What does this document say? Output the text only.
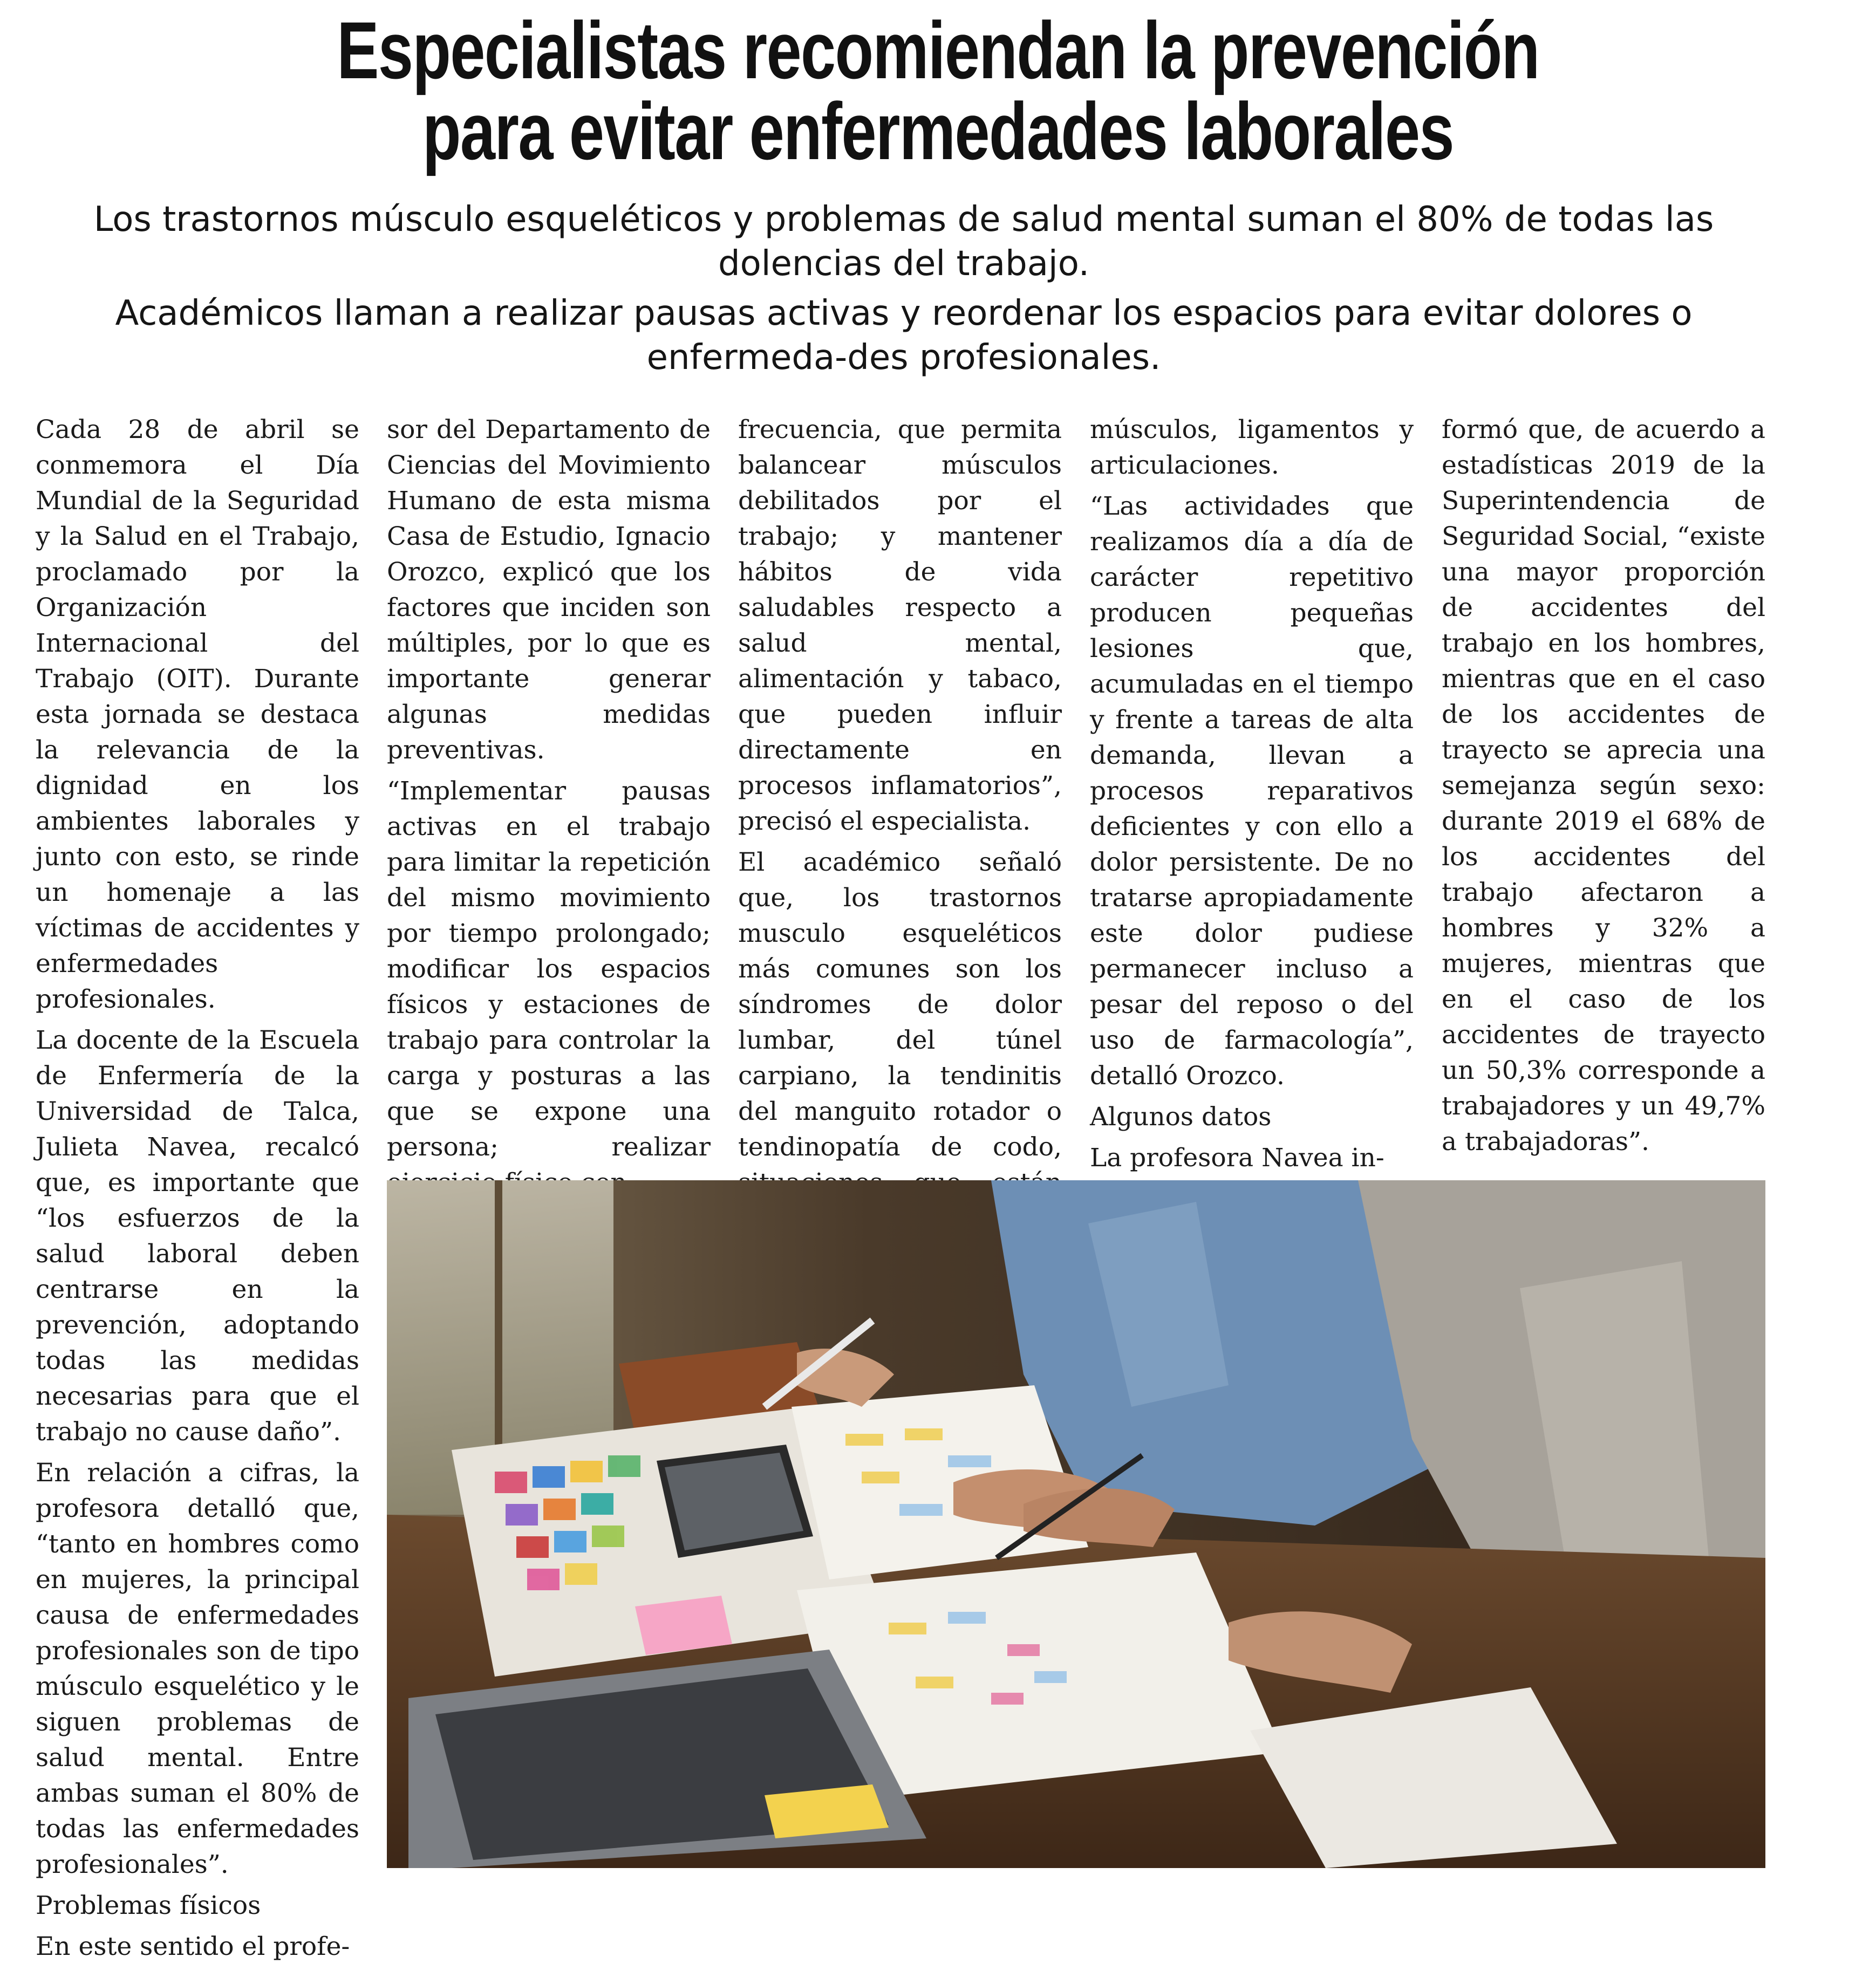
Especialistas recomiendan la prevención
para evitar enfermedades laborales

Los trastornos músculo esqueléticos y problemas de salud mental suman el 80% de todas las dolencias del trabajo.

Académicos llaman a realizar pausas activas y reordenar los espacios para evitar dolores o enfermeda-des profesionales.

Cada 28 de abril se conmemora el Día Mundial de la Seguridad y la Salud en el Trabajo, proclamado por la Organización Internacional del Trabajo (OIT). Durante esta jornada se destaca la relevancia de la dignidad en los ambientes laborales y junto con esto, se rinde un homenaje a las víctimas de accidentes y enfermedades profesionales.

La docente de la Escuela de Enfermería de la Universidad de Talca, Julieta Navea, recalcó que, es importante que “los esfuerzos de la salud laboral deben centrarse en la prevención, adoptando todas las medidas necesarias para que el trabajo no cause daño”.

En relación a cifras, la profesora detalló que, “tanto en hombres como en mujeres, la principal causa de enfermedades profesionales son de tipo músculo esquelético y le siguen problemas de salud mental. Entre ambas suman el 80% de todas las enfermedades profesionales”.

Problemas físicos

En este sentido el profe-

sor del Departamento de Ciencias del Movimiento Humano de esta misma Casa de Estudio, Ignacio Orozco, explicó que los factores que inciden son múltiples, por lo que es importante generar algunas medidas preventivas.

“Implementar pausas activas en el trabajo para limitar la repetición del mismo movimiento por tiempo prolongado; modificar los espacios físicos y estaciones de trabajo para controlar la carga y posturas a las que se expone una persona; realizar

frecuencia, que permita balancear músculos debilitados por el trabajo; y mantener hábitos de vida saludables respecto a salud mental, alimentación y tabaco, que pueden influir directamente en procesos inflamatorios”, precisó el especialista.

El académico señaló que, los trastornos musculo esqueléticos más comunes son los síndromes de dolor lumbar, del túnel carpiano, la tendinitis del manguito rotador o tendinopatía de codo,

músculos, ligamentos y articulaciones.

“Las actividades que realizamos día a día de carácter repetitivo producen pequeñas lesiones que, acumuladas en el tiempo y frente a tareas de alta demanda, llevan a procesos reparativos deficientes y con ello a dolor persistente. De no tratarse apropiadamente este dolor pudiese permanecer incluso a pesar del reposo o del uso de farmacología”, detalló Orozco.

Algunos datos

La profesora Navea in-

formó que, de acuerdo a estadísticas 2019 de la Superintendencia de Seguridad Social, “existe una mayor proporción de accidentes del trabajo en los hombres, mientras que en el caso de los accidentes de trayecto se aprecia una semejanza según sexo: durante 2019 el 68% de los accidentes del trabajo afectaron a hombres y 32% a mujeres, mientras que en el caso de los accidentes de trayecto un 50,3% corresponde a trabajadores y un 49,7% a trabajadoras”.
